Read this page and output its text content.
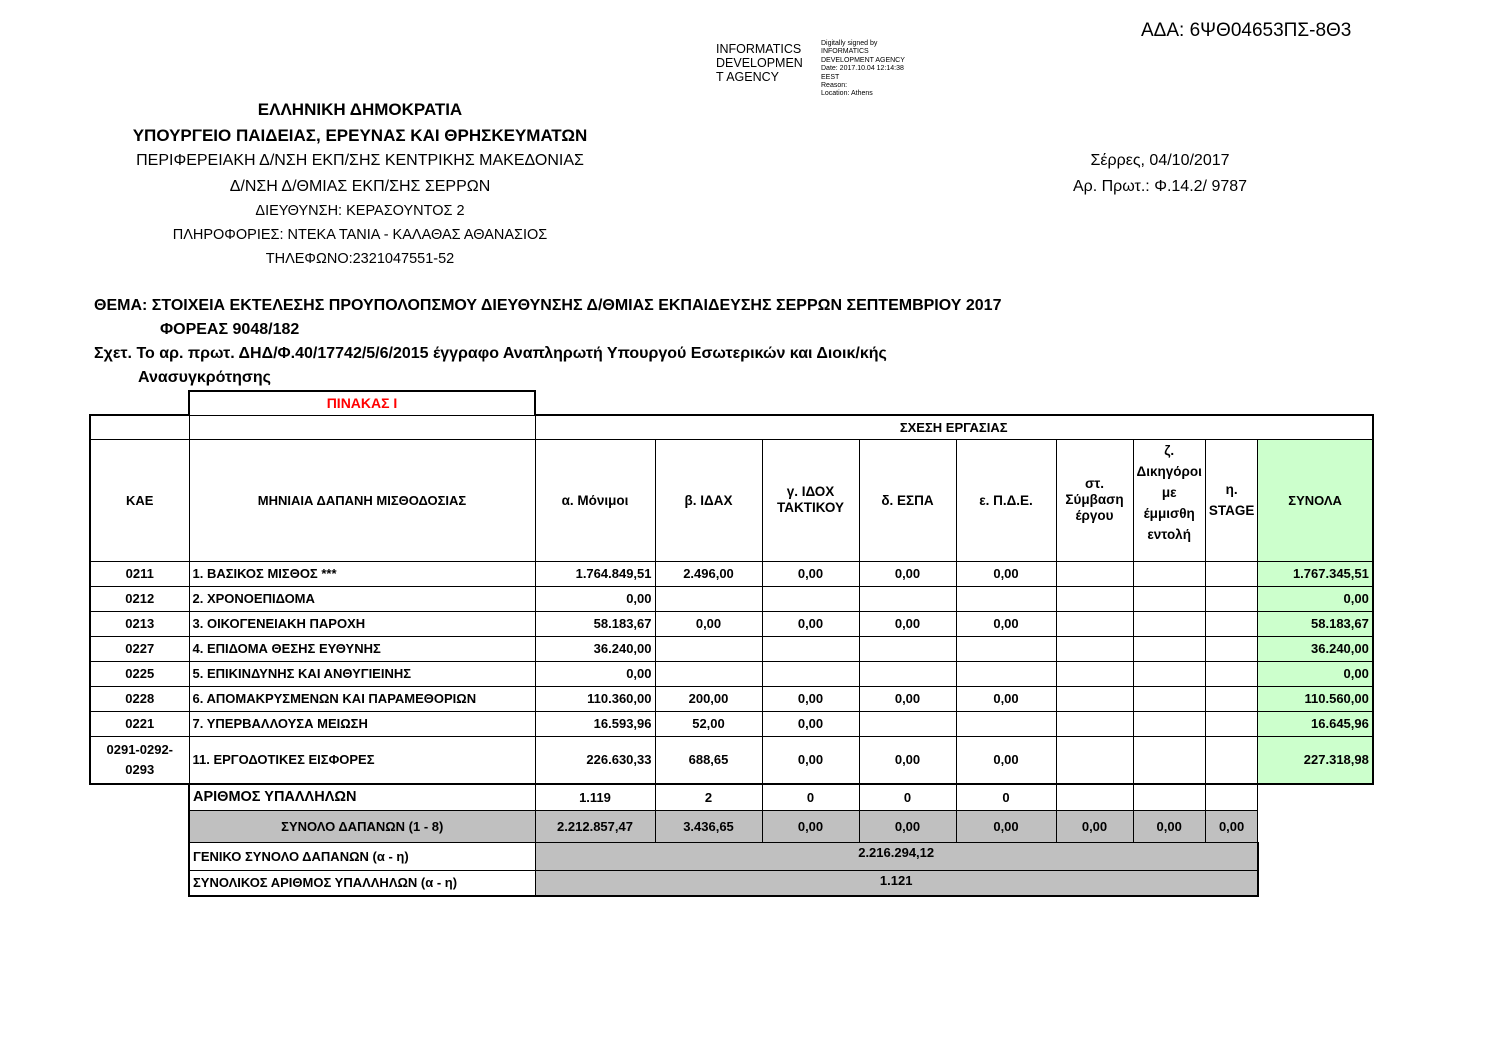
ΑΔΑ: 6ΨΘ04653ΠΣ-8Θ3
INFORMATICS
DEVELOPMEN
T AGENCY
Digitally signed by
INFORMATICS
DEVELOPMENT AGENCY
Date: 2017.10.04 12:14:38
EEST
Reason:
Location: Athens
ΕΛΛΗΝΙΚΗ ΔΗΜΟΚΡΑΤΙΑ
ΥΠΟΥΡΓΕΙΟ ΠΑΙΔΕΙΑΣ, ΕΡΕΥΝΑΣ ΚΑΙ ΘΡΗΣΚΕΥΜΑΤΩΝ
ΠΕΡΙΦΕΡΕΙΑΚΗ Δ/ΝΣΗ ΕΚΠ/ΣΗΣ ΚΕΝΤΡΙΚΗΣ ΜΑΚΕΔΟΝΙΑΣ
Δ/ΝΣΗ Δ/ΘΜΙΑΣ ΕΚΠ/ΣΗΣ ΣΕΡΡΩΝ
ΔΙΕΥΘΥΝΣΗ: ΚΕΡΑΣΟΥΝΤΟΣ 2
ΠΛΗΡΟΦΟΡΙΕΣ: ΝΤΕΚΑ ΤΑΝΙΑ - ΚΑΛΑΘΑΣ ΑΘΑΝΑΣΙΟΣ
ΤΗΛΕΦΩΝΟ:2321047551-52
Σέρρες, 04/10/2017
Αρ. Πρωτ.: Φ.14.2/ 9787
ΘΕΜΑ: ΣΤΟΙΧΕΙΑ ΕΚΤΕΛΕΣΗΣ ΠΡΟΥΠΟΛΟΠΣΜΟΥ ΔΙΕΥΘΥΝΣΗΣ Δ/ΘΜΙΑΣ ΕΚΠΑΙΔΕΥΣΗΣ ΣΕΡΡΩΝ ΣΕΠΤΕΜΒΡΙΟΥ 2017
ΦΟΡΕΑΣ 9048/182
Σχετ. Το αρ. πρωτ. ΔΗΔ/Φ.40/17742/5/6/2015 έγγραφο Αναπληρωτή Υπουργού Εσωτερικών και Διοικ/κής
Ανασυγκρότησης
	ΠΙΝΑΚΑΣ Ι									
		ΣΧΕΣΗ ΕΡΓΑΣΙΑΣ								
ΚΑΕ	ΜΗΝΙΑΙΑ ΔΑΠΑΝΗ ΜΙΣΘΟΔΟΣΙΑΣ	α. Μόνιμοι	β. ΙΔΑΧ	γ. ΙΔΟΧ ΤΑΚΤΙΚΟΥ	δ. ΕΣΠΑ	ε. Π.Δ.Ε.	στ. Σύμβαση έργου	ζ. Δικηγόροι με έμμισθη εντολή	η. STAGE	ΣΥΝΟΛΑ
0211	1. ΒΑΣΙΚΟΣ ΜΙΣΘΟΣ ***	1.764.849,51	2.496,00	0,00	0,00	0,00				1.767.345,51
0212	2. ΧΡΟΝΟΕΠΙΔΟΜΑ	0,00								0,00
0213	3. ΟΙΚΟΓΕΝΕΙΑΚΗ ΠΑΡΟΧΗ	58.183,67	0,00	0,00	0,00	0,00				58.183,67
0227	4. ΕΠΙΔΟΜΑ ΘΕΣΗΣ ΕΥΘΥΝΗΣ	36.240,00								36.240,00
0225	5. ΕΠΙΚΙΝΔΥΝΗΣ ΚΑΙ ΑΝΘΥΓΙΕΙΝΗΣ	0,00								0,00
0228	6. ΑΠΟΜΑΚΡΥΣΜΕΝΩΝ ΚΑΙ ΠΑΡΑΜΕΘΟΡΙΩΝ	110.360,00	200,00	0,00	0,00	0,00				110.560,00
0221	7. ΥΠΕΡΒΑΛΛΟΥΣΑ ΜΕΙΩΣΗ	16.593,96	52,00	0,00						16.645,96
0291-0292-0293	11. ΕΡΓΟΔΟΤΙΚΕΣ ΕΙΣΦΟΡΕΣ	226.630,33	688,65	0,00	0,00	0,00				227.318,98
	ΑΡΙΘΜΟΣ ΥΠΑΛΛΗΛΩΝ	1.119	2	0	0	0				
	ΣΥΝΟΛΟ ΔΑΠΑΝΩΝ (1 - 8)	2.212.857,47	3.436,65	0,00	0,00	0,00	0,00	0,00	0,00	
	ΓΕΝΙΚΟ ΣΥΝΟΛΟ ΔΑΠΑΝΩΝ (α - η)	2.216.294,12								
	ΣΥΝΟΛΙΚΟΣ ΑΡΙΘΜΟΣ ΥΠΑΛΛΗΛΩΝ (α - η)	1.121								
